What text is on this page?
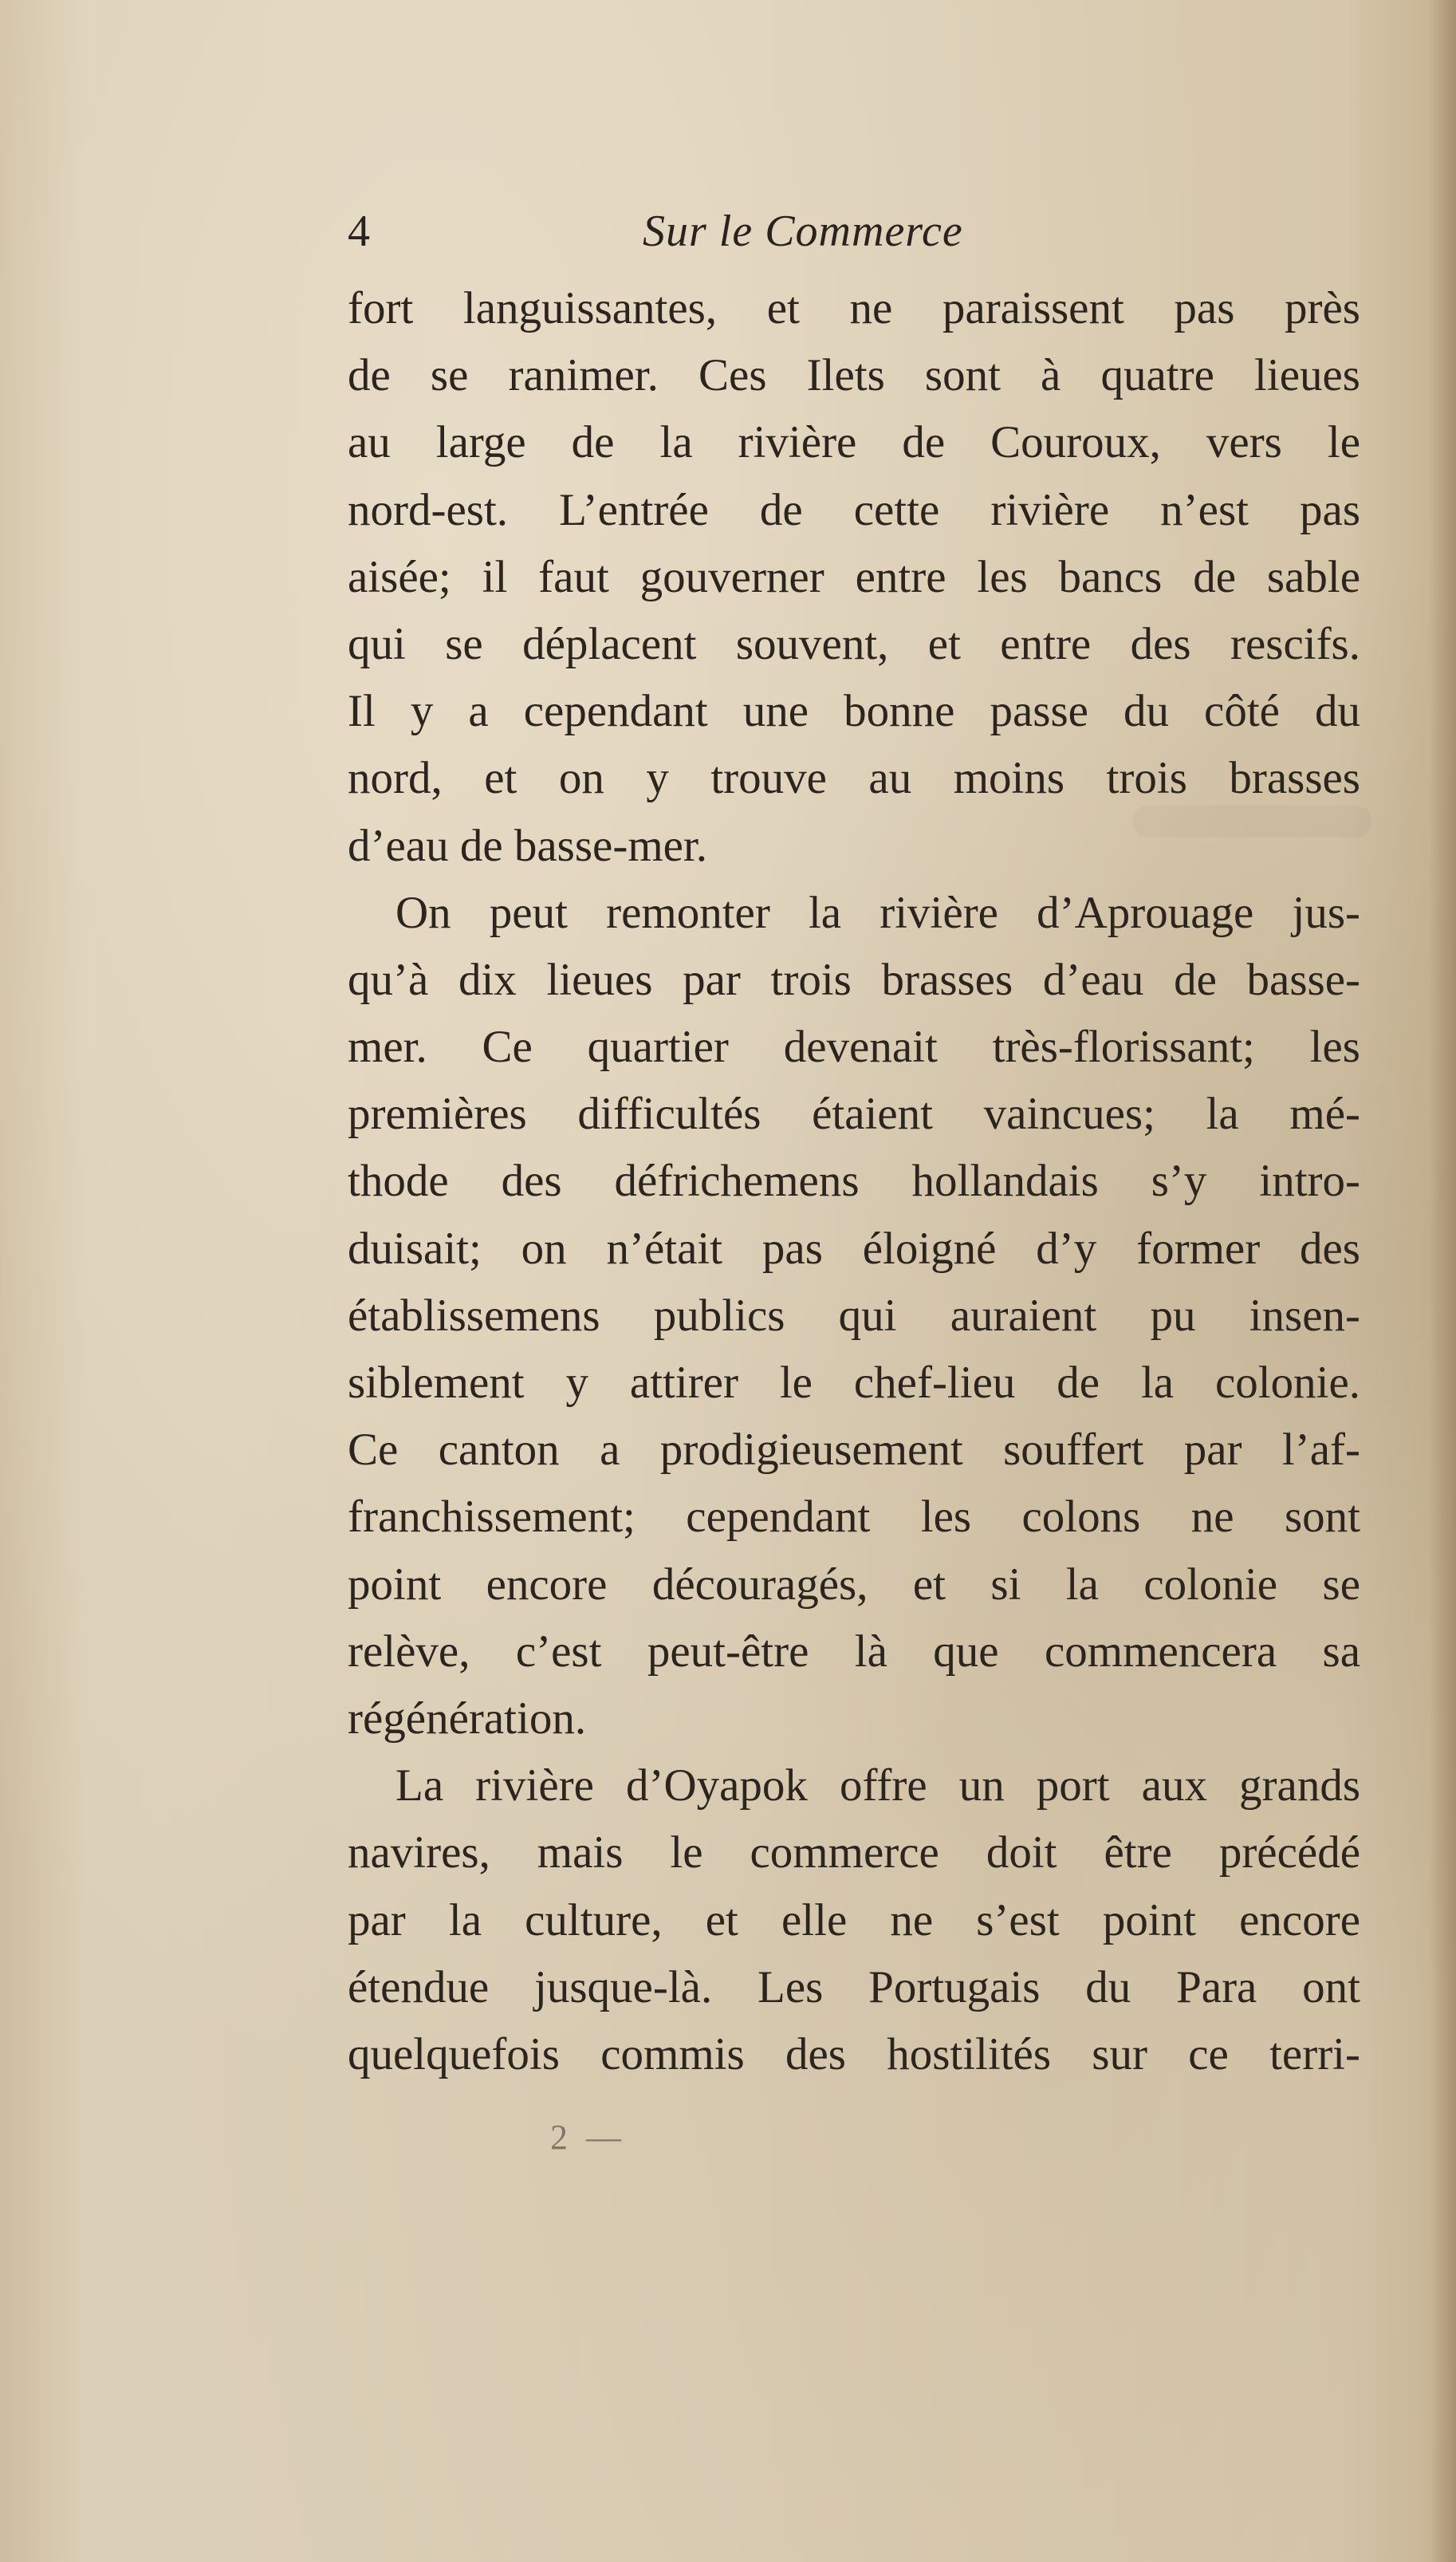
4	Sur le Commerce
fort languissantes, et ne paraissent pas près
de se ranimer. Ces Ilets sont à quatre lieues
au large de la rivière de Couroux, vers le
nord-est. L’entrée de cette rivière n’est pas
aisée; il faut gouverner entre les bancs de sable
qui se déplacent souvent, et entre des rescifs.
Il y a cependant une bonne passe du côté du
nord, et on y trouve au moins trois brasses
d’eau de basse-mer.
On peut remonter la rivière d’Aprouage jus-
qu’à dix lieues par trois brasses d’eau de basse-
mer. Ce quartier devenait très-florissant; les
premières difficultés étaient vaincues; la mé-
thode des défrichemens hollandais s’y intro-
duisait; on n’était pas éloigné d’y former des
établissemens publics qui auraient pu insen-
siblement y attirer le chef-lieu de la colonie.
Ce canton a prodigieusement souffert par l’af-
franchissement; cependant les colons ne sont
point encore découragés, et si la colonie se
relève, c’est peut-être là que commencera sa
régénération.
La rivière d’Oyapok offre un port aux grands
navires, mais le commerce doit être précédé
par la culture, et elle ne s’est point encore
étendue jusque-là. Les Portugais du Para ont
quelquefois commis des hostilités sur ce terri-
2 —
